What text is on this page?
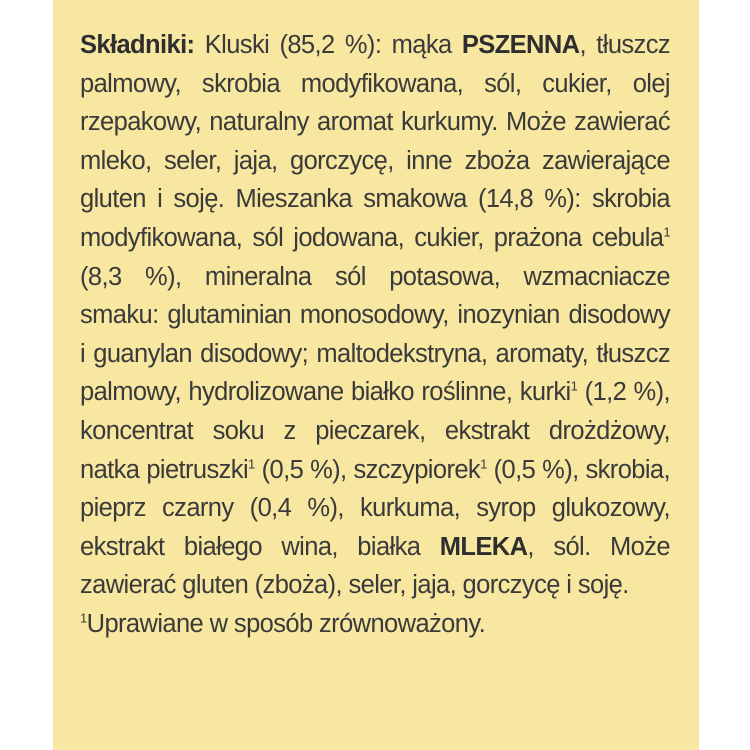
Składniki: Kluski (85,2 %): mąka PSZENNA, tłuszcz palmowy, skrobia modyfikowana, sól, cukier, olej rzepakowy, naturalny aromat kurkumy. Może zawierać mleko, seler, jaja, gorczycę, inne zboża zawierające gluten i soję. Mieszanka smakowa (14,8 %): skrobia modyfikowana, sól jodowana, cukier, prażona cebula$^1$ (8,3 %), mineralna sól potasowa, wzmacniacze smaku: glutaminian monosodowy, inozynian disodowy i guanylan disodowy; maltodekstryna, aromaty, tłuszcz palmowy, hydrolizowane białko roślinne, kurki$^1$ (1,2 %), koncentrat soku z pieczarek, ekstrakt drożdżowy, natka pietruszki$^1$ (0,5 %), szczypiorek$^1$ (0,5 %), skrobia, pieprz czarny (0,4 %), kurkuma, syrop glukozowy, ekstrakt białego wina, białka MLEKA, sól. Może zawierać gluten (zboża), seler, jaja, gorczycę i soję.
$^1$Uprawiane w sposób zrównoważony.
